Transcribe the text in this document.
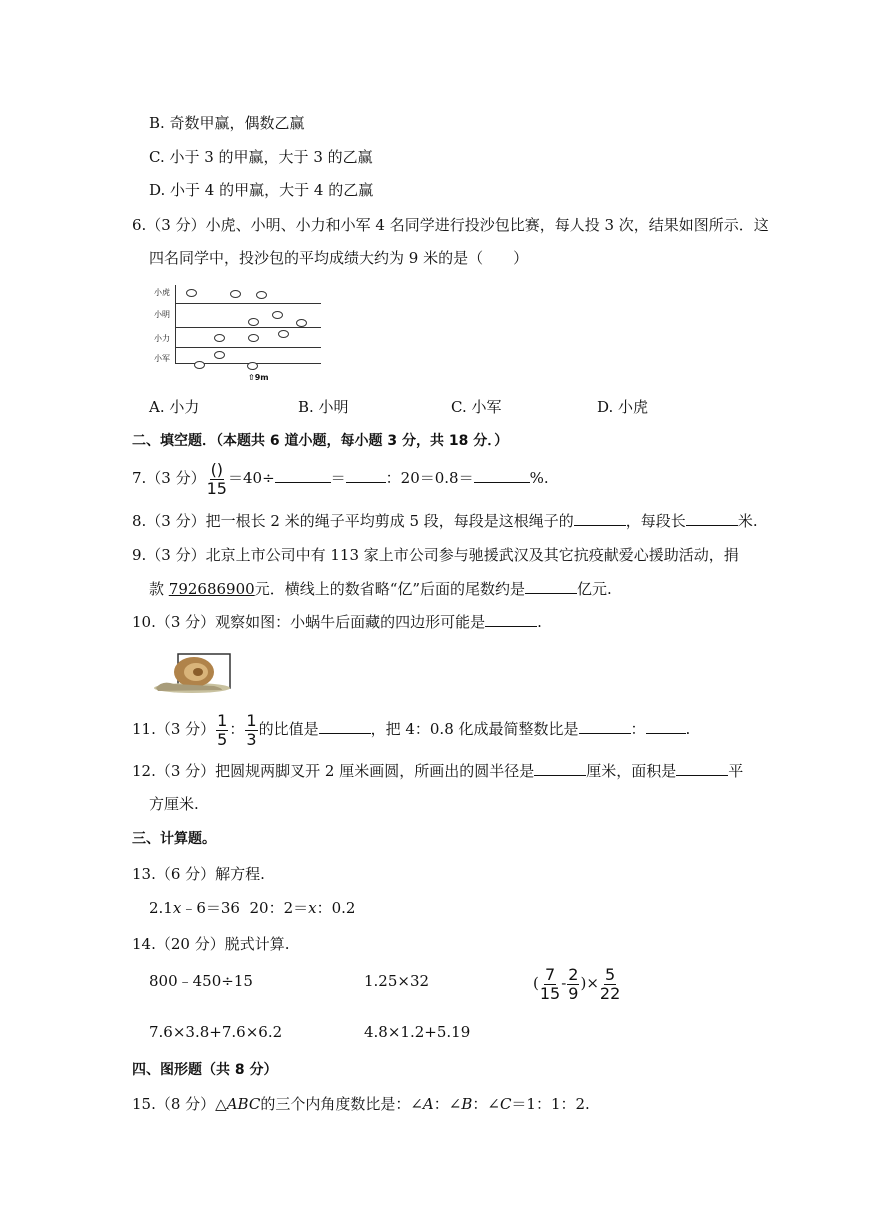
B. 奇数甲赢，偶数乙赢
C. 小于 3 的甲赢，大于 3 的乙赢
D. 小于 4 的甲赢，大于 4 的乙赢
6.（3 分）小虎、小明、小力和小军 4 名同学进行投沙包比赛，每人投 3 次，结果如图所示．这
四名同学中，投沙包的平均成绩大约为 9 米的是（　　）
小虎
小明
小力
小军
⇧9m
A. 小力	B. 小明	C. 小军	D. 小虎
二、填空题．（本题共 6 道小题，每小题 3 分，共 18 分．）
7.（3 分） $\frac{()}{15} =40\div$	＝	：20＝0.8＝	%.
8.（3 分）把一根长 2 米的绳子平均剪成 5 段，每段是这根绳子的	，每段长	米.
9.（3 分）北京上市公司中有 113 家上市公司参与驰援武汉及其它抗疫献爱心援助活动，捐
款 792686900元．横线上的数省略“亿”后面的尾数约是	亿元.
10.（3 分）观察如图：小蜗牛后面藏的四边形可能是	.
11.（3 分） $\frac{1}{5}$ ： $\frac{1}{3}$ 的比值是	，把 4：0.8 化成最简整数比是	：	.
12.（3 分）把圆规两脚叉开 2 厘米画圆，所画出的圆半径是	厘米，面积是	平
方厘米.
三、计算题。
13.（6 分）解方程.
2.1x﹣6＝36 20：2＝x：0.2
14.（20 分）脱式计算.
800﹣450÷15	1.25×32	( $\frac{7}{15} - \frac{2}{9}$ )× $\frac{5}{22}$
7.6×3.8+7.6×6.2	4.8×1.2+5.19
四、图形题（共 8 分）
15.（8 分）△ABC的三个内角度数比是：∠A：∠B：∠C＝1：1：2.
